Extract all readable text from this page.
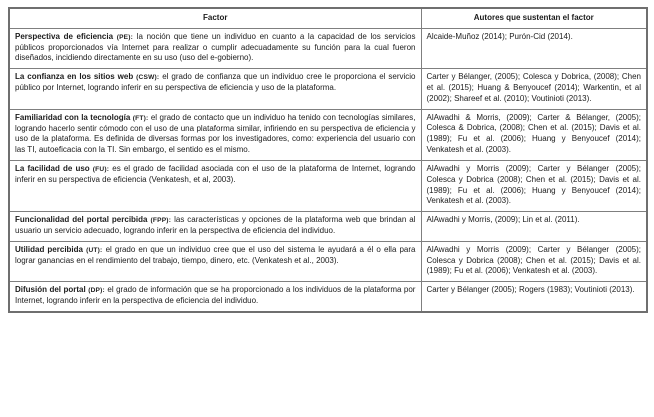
Factor	Autores que sustentan el factor
Perspectiva de eficiencia (PE): la noción que tiene un individuo en cuanto a la capacidad de los servicios públicos proporcionados vía Internet para realizar o cumplir adecuadamente su función para la cual fueron diseñados, incidiendo directamente en su uso (uso del e-gobierno).	Alcaide-Muñoz (2014); Purón-Cid (2014).
La confianza en los sitios web (CSW): el grado de confianza que un individuo cree le proporciona el servicio público por Internet, logrando inferir en su perspectiva de eficiencia y uso de la plataforma.	Carter y Bélanger, (2005); Colesca y Dobrica, (2008); Chen et al. (2015); Huang & Benyoucef (2014); Warkentin, et al (2002); Shareef et al. (2010); Voutinioti (2013).
Familiaridad con la tecnología (FT): el grado de contacto que un individuo ha tenido con tecnologías similares, logrando hacerlo sentir cómodo con el uso de una plataforma similar, infiriendo en su perspectiva de eficiencia y uso de la plataforma. Es definida de diversas formas por los investigadores, como: experiencia del usuario con las TI, autoeficacia con la TI. Sin embargo, el sentido es el mismo.	AlAwadhi & Morris, (2009); Carter & Bélanger, (2005); Colesca & Dobrica, (2008); Chen et al. (2015); Davis et al. (1989); Fu et al. (2006); Huang y Benyoucef (2014); Venkatesh et al. (2003).
La facilidad de uso (FU): es el grado de facilidad asociada con el uso de la plataforma de Internet, logrando inferir en su perspectiva de eficiencia (Venkatesh, et al, 2003).	AlAwadhi y Morris (2009); Carter y Bélanger (2005); Colesca y Dobrica (2008); Chen et al. (2015); Davis et al. (1989); Fu et al. (2006); Huang y Benyoucef (2014); Venkatesh et al. (2003).
Funcionalidad del portal percibida (FPP): las características y opciones de la plataforma web que brindan al usuario un servicio adecuado, logrando inferir en la perspectiva de eficiencia del individuo.	AlAwadhi y Morris, (2009); Lin et al. (2011).
Utilidad percibida (UT): el grado en que un individuo cree que el uso del sistema le ayudará a él o ella para lograr ganancias en el rendimiento del trabajo, tiempo, dinero, etc. (Venkatesh et al., 2003).	AlAwadhi y Morris (2009); Carter y Bélanger (2005); Colesca y Dobrica (2008); Chen et al. (2015); Davis et al. (1989); Fu et al. (2006); Venkatesh et al. (2003).
Difusión del portal (DP): el grado de información que se ha proporcionado a los individuos de la plataforma por Internet, logrando inferir en la perspectiva de eficiencia del individuo.	Carter y Bélanger (2005); Rogers (1983); Voutinioti (2013).
